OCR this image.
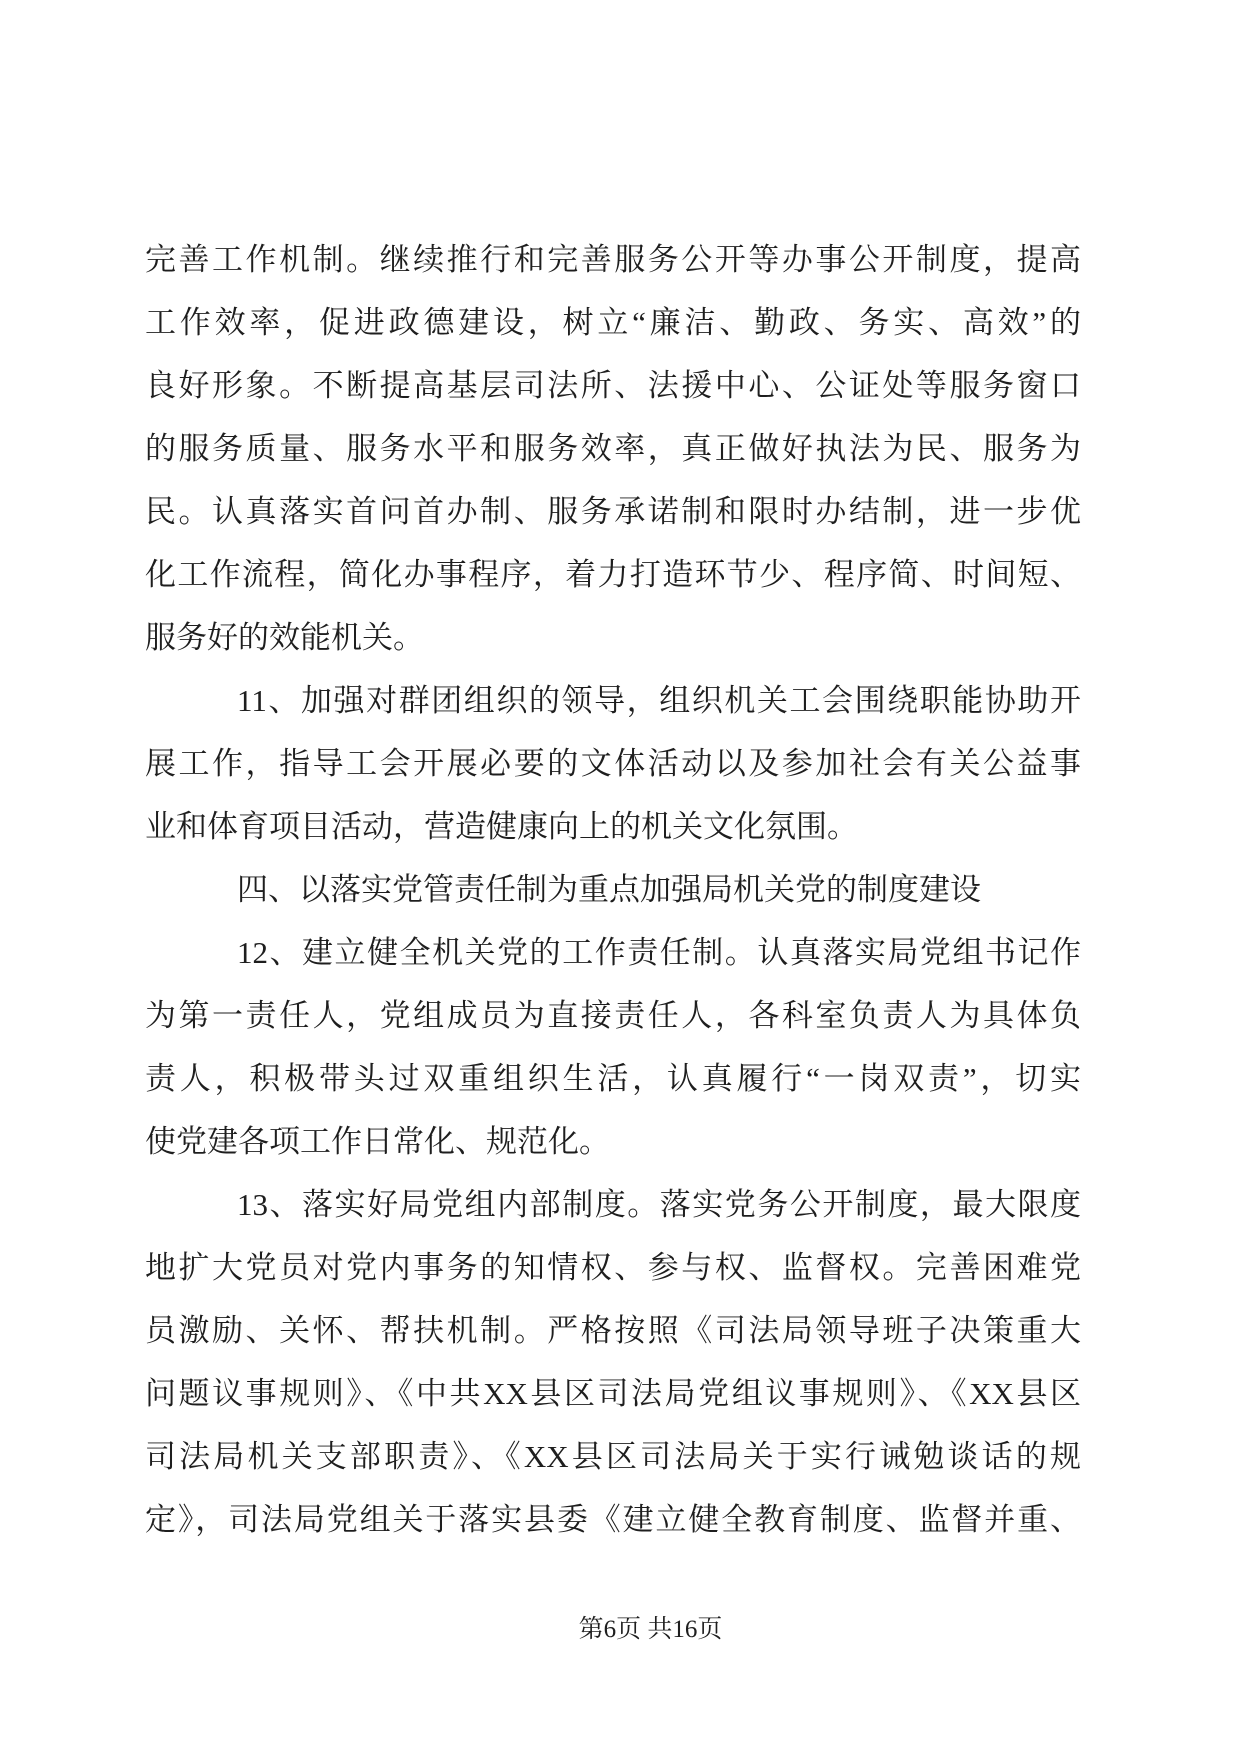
完善工作机制。继续推行和完善服务公开等办事公开制度，提高
工作效率，促进政德建设，树立“廉洁、勤政、务实、高效”的
良好形象。不断提高基层司法所、法援中心、公证处等服务窗口
的服务质量、服务水平和服务效率，真正做好执法为民、服务为
民。认真落实首问首办制、服务承诺制和限时办结制，进一步优
化工作流程，简化办事程序，着力打造环节少、程序简、时间短、
服务好的效能机关。
11、加强对群团组织的领导，组织机关工会围绕职能协助开
展工作，指导工会开展必要的文体活动以及参加社会有关公益事
业和体育项目活动，营造健康向上的机关文化氛围。
四、以落实党管责任制为重点加强局机关党的制度建设
12、建立健全机关党的工作责任制。认真落实局党组书记作
为第一责任人，党组成员为直接责任人，各科室负责人为具体负
责人，积极带头过双重组织生活，认真履行“一岗双责”，切实
使党建各项工作日常化、规范化。
13、落实好局党组内部制度。落实党务公开制度，最大限度
地扩大党员对党内事务的知情权、参与权、监督权。完善困难党
员激励、关怀、帮扶机制。严格按照《司法局领导班子决策重大
问题议事规则》、《中共XX县区司法局党组议事规则》、《XX县区
司法局机关支部职责》、《XX县区司法局关于实行诫勉谈话的规
定》，司法局党组关于落实县委《建立健全教育制度、监督并重、
第6页 共16页
